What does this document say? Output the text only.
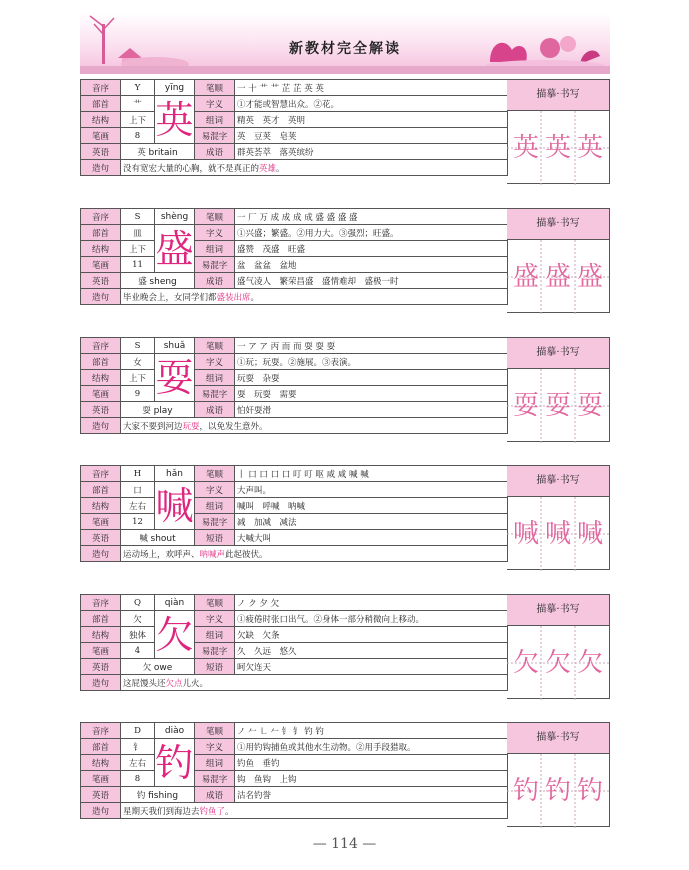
新教材完全解读
音序	Y	yīng	笔顺	一 十 艹 艹 芷 芷 英 英
部首	艹	英	字义	①才能或智慧出众。②花。
结构	上下		组词	精英　英才　英明
笔画	8		易混字	英　豆荚　皂荚
英语	英 britain		成语	群英荟萃　落英缤纷
造句	没有宽宏大量的心胸，就不是真正的英雄。			
描摹·书写
英 英 英
音序	S	shèng	笔顺	一 厂 万 成 成 成 成 盛 盛 盛 盛
部首	皿	盛	字义	①兴盛；繁盛。②用力大。③强烈；旺盛。
结构	上下		组词	盛赞　茂盛　旺盛
笔画	11		易混字	盆　盆盆　盆地
英语	盛 sheng		成语	盛气凌人　繁荣昌盛　盛情难却　盛极一时
造句	毕业晚会上，女同学们都盛装出席。			
描摹·书写
盛 盛 盛
音序	S	shuǎ	笔顺	一 ア ア 丙 而 而 耍 耍 耍
部首	女	耍	字义	①玩；玩耍。②施展。③表演。
结构	上下		组词	玩耍　杂耍
笔画	9		易混字	耍　玩耍　需要
英语	耍 play		成语	怕奸耍滑
造句	大家不要到河边玩耍，以免发生意外。			
描摹·书写
耍 耍 耍
音序	H	hǎn	笔顺	丨 口 口 口 口 叮 叮 呕 咸 咸 喊 喊
部首	口	喊	字义	大声叫。
结构	左右		组词	喊叫　呼喊　呐喊
笔画	12		易混字	减　加减　减法
英语	喊 shout		短语	大喊大叫
造句	运动场上，欢呼声、呐喊声此起彼伏。			
描摹·书写
喊 喊 喊
音序	Q	qiàn	笔顺	ノ ク 夕 欠
部首	欠	欠	字义	①疲倦时张口出气。②身体一部分稍微向上移动。
结构	独体		组词	欠缺　欠条
笔画	4		易混字	久　久远　悠久
英语	欠 owe		短语	呵欠连天
造句	这屁馒头还欠点儿火。			
描摹·书写
欠 欠 欠
音序	D	diào	笔顺	ノ 𠂉 ㇗ 𠂉 钅 钅 钓 钓
部首	钅	钓	字义	①用钓钩捕鱼或其他水生动物。②用手段猎取。
结构	左右		组词	钓鱼　垂钓
笔画	8		易混字	钩　鱼钩　上钩
英语	钓 fishing		成语	沽名钓誉
造句	星期天我们到海边去钓鱼了。			
描摹·书写
钓 钓 钓
— 114 —
